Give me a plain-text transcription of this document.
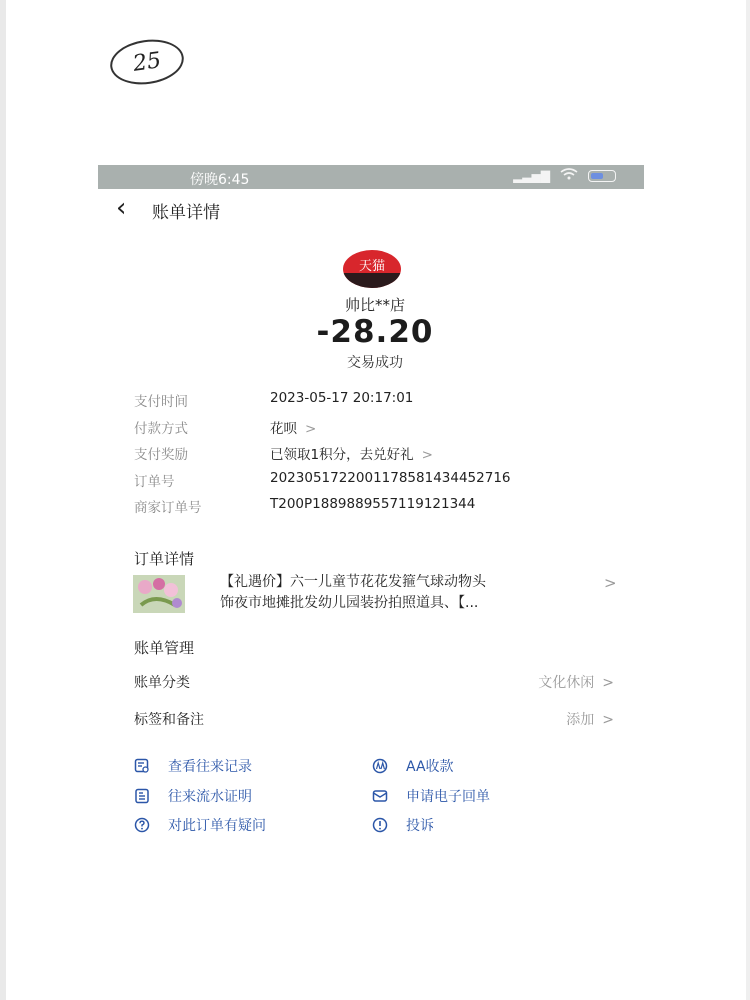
25
傍晚6:45	▂▃▅▇
‹ 账单详情
天猫
帅比**店
-28.20
交易成功
支付时间	2023-05-17 20:17:01
付款方式	花呗 >
支付奖励	已领取1积分，去兑好礼 >
订单号	2023051722001178581434452716
商家订单号	T200P1889889557119121344
订单详情
【礼遇价】六一儿童节花花发箍气球动物头
饰夜市地摊批发幼儿园装扮拍照道具、【...
>
账单管理
账单分类	文化休闲 >
标签和备注	添加 >
查看往来记录	AA收款
往来流水证明	申请电子回单
对此订单有疑问	投诉
